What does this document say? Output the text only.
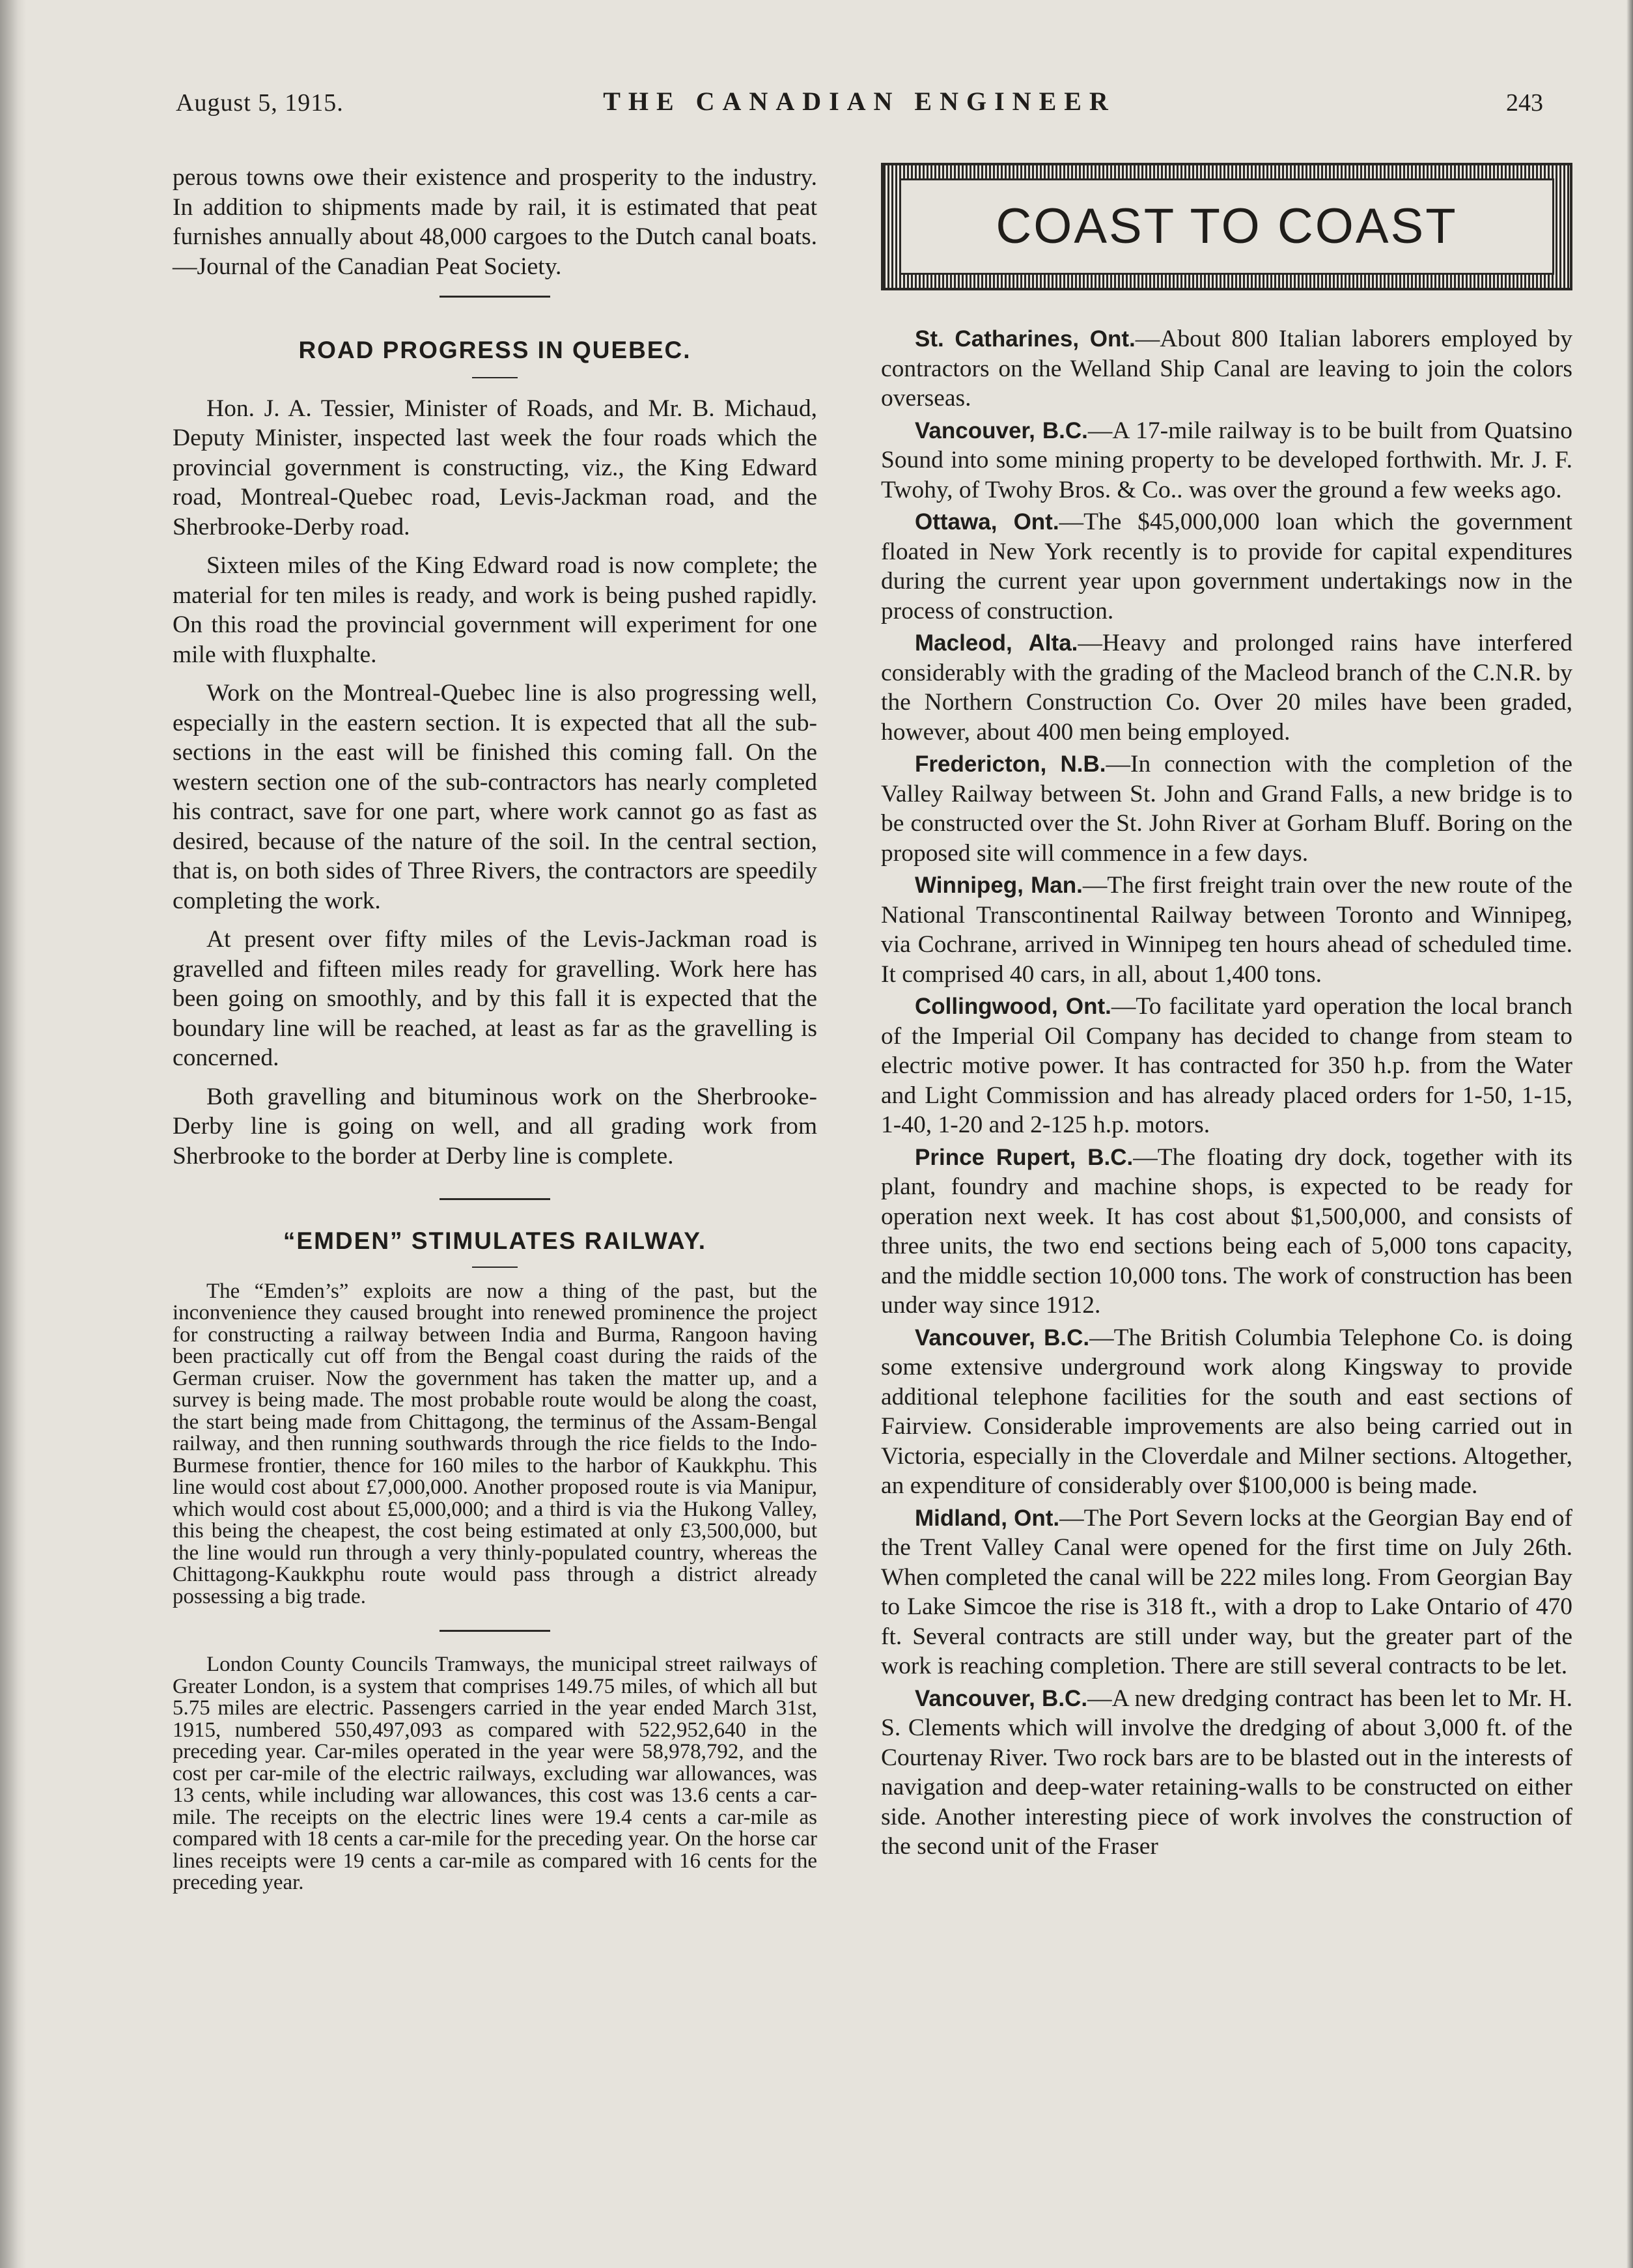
August 5, 1915.	THE CANADIAN ENGINEER	243

perous towns owe their existence and prosperity to the industry. In addition to shipments made by rail, it is estimated that peat furnishes annually about 48,000 cargoes to the Dutch canal boats.—Journal of the Canadian Peat Society.

ROAD PROGRESS IN QUEBEC.

Hon. J. A. Tessier, Minister of Roads, and Mr. B. Michaud, Deputy Minister, inspected last week the four roads which the provincial government is constructing, viz., the King Edward road, Montreal-Quebec road, Levis-Jackman road, and the Sherbrooke-Derby road.

Sixteen miles of the King Edward road is now complete; the material for ten miles is ready, and work is being pushed rapidly. On this road the provincial government will experiment for one mile with fluxphalte.

Work on the Montreal-Quebec line is also progressing well, especially in the eastern section. It is expected that all the sub-sections in the east will be finished this coming fall. On the western section one of the sub-contractors has nearly completed his contract, save for one part, where work cannot go as fast as desired, because of the nature of the soil. In the central section, that is, on both sides of Three Rivers, the contractors are speedily completing the work.

At present over fifty miles of the Levis-Jackman road is gravelled and fifteen miles ready for gravelling. Work here has been going on smoothly, and by this fall it is expected that the boundary line will be reached, at least as far as the gravelling is concerned.

Both gravelling and bituminous work on the Sherbrooke-Derby line is going on well, and all grading work from Sherbrooke to the border at Derby line is complete.

“EMDEN” STIMULATES RAILWAY.

The “Emden’s” exploits are now a thing of the past, but the inconvenience they caused brought into renewed prominence the project for constructing a railway between India and Burma, Rangoon having been practically cut off from the Bengal coast during the raids of the German cruiser. Now the government has taken the matter up, and a survey is being made. The most probable route would be along the coast, the start being made from Chittagong, the terminus of the Assam-Bengal railway, and then running southwards through the rice fields to the Indo-Burmese frontier, thence for 160 miles to the harbor of Kaukkphu. This line would cost about £7,000,000. Another proposed route is via Manipur, which would cost about £5,000,000; and a third is via the Hukong Valley, this being the cheapest, the cost being estimated at only £3,500,000, but the line would run through a very thinly-populated country, whereas the Chittagong-Kaukkphu route would pass through a district already possessing a big trade.

London County Councils Tramways, the municipal street railways of Greater London, is a system that comprises 149.75 miles, of which all but 5.75 miles are electric. Passengers carried in the year ended March 31st, 1915, numbered 550,497,093 as compared with 522,952,640 in the preceding year. Car-miles operated in the year were 58,978,792, and the cost per car-mile of the electric railways, excluding war allowances, was 13 cents, while including war allowances, this cost was 13.6 cents a car-mile. The receipts on the electric lines were 19.4 cents a car-mile as compared with 18 cents a car-mile for the preceding year. On the horse car lines receipts were 19 cents a car-mile as compared with 16 cents for the preceding year.

COAST TO COAST

St. Catharines, Ont.—About 800 Italian laborers employed by contractors on the Welland Ship Canal are leaving to join the colors overseas.

Vancouver, B.C.—A 17-mile railway is to be built from Quatsino Sound into some mining property to be developed forthwith. Mr. J. F. Twohy, of Twohy Bros. & Co.. was over the ground a few weeks ago.

Ottawa, Ont.—The $45,000,000 loan which the government floated in New York recently is to provide for capital expenditures during the current year upon government undertakings now in the process of construction.

Macleod, Alta.—Heavy and prolonged rains have interfered considerably with the grading of the Macleod branch of the C.N.R. by the Northern Construction Co. Over 20 miles have been graded, however, about 400 men being employed.

Fredericton, N.B.—In connection with the completion of the Valley Railway between St. John and Grand Falls, a new bridge is to be constructed over the St. John River at Gorham Bluff. Boring on the proposed site will commence in a few days.

Winnipeg, Man.—The first freight train over the new route of the National Transcontinental Railway between Toronto and Winnipeg, via Cochrane, arrived in Winnipeg ten hours ahead of scheduled time. It comprised 40 cars, in all, about 1,400 tons.

Collingwood, Ont.—To facilitate yard operation the local branch of the Imperial Oil Company has decided to change from steam to electric motive power. It has contracted for 350 h.p. from the Water and Light Commission and has already placed orders for 1-50, 1-15, 1-40, 1-20 and 2-125 h.p. motors.

Prince Rupert, B.C.—The floating dry dock, together with its plant, foundry and machine shops, is expected to be ready for operation next week. It has cost about $1,500,000, and consists of three units, the two end sections being each of 5,000 tons capacity, and the middle section 10,000 tons. The work of construction has been under way since 1912.

Vancouver, B.C.—The British Columbia Telephone Co. is doing some extensive underground work along Kingsway to provide additional telephone facilities for the south and east sections of Fairview. Considerable improvements are also being carried out in Victoria, especially in the Cloverdale and Milner sections. Altogether, an expenditure of considerably over $100,000 is being made.

Midland, Ont.—The Port Severn locks at the Georgian Bay end of the Trent Valley Canal were opened for the first time on July 26th. When completed the canal will be 222 miles long. From Georgian Bay to Lake Simcoe the rise is 318 ft., with a drop to Lake Ontario of 470 ft. Several contracts are still under way, but the greater part of the work is reaching completion. There are still several contracts to be let.

Vancouver, B.C.—A new dredging contract has been let to Mr. H. S. Clements which will involve the dredging of about 3,000 ft. of the Courtenay River. Two rock bars are to be blasted out in the interests of navigation and deep-water retaining-walls to be constructed on either side. Another interesting piece of work involves the construction of the second unit of the Fraser
